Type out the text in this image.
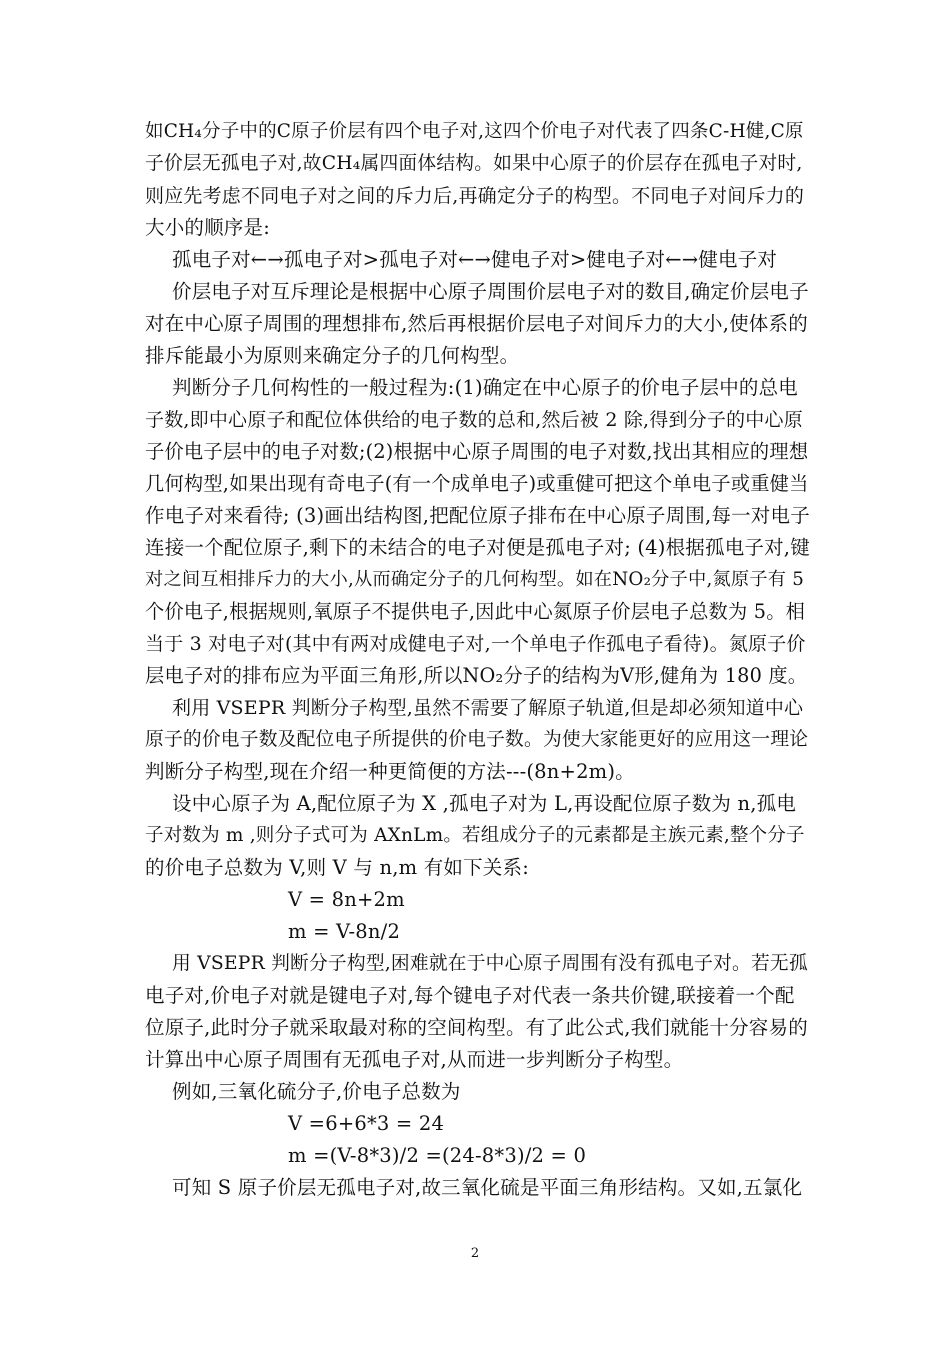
如CH₄分子中的C原子价层有四个电子对,这四个价电子对代表了四条C-H健,C原
子价层无孤电子对,故CH₄属四面体结构。如果中心原子的价层存在孤电子对时,
则应先考虑不同电子对之间的斥力后,再确定分子的构型。不同电子对间斥力的
大小的顺序是:
孤电子对←→孤电子对>孤电子对←→健电子对>健电子对←→健电子对
价层电子对互斥理论是根据中心原子周围价层电子对的数目,确定价层电子
对在中心原子周围的理想排布,然后再根据价层电子对间斥力的大小,使体系的
排斥能最小为原则来确定分子的几何构型。
判断分子几何构性的一般过程为:(1)确定在中心原子的价电子层中的总电
子数,即中心原子和配位体供给的电子数的总和,然后被 2 除,得到分子的中心原
子价电子层中的电子对数;(2)根据中心原子周围的电子对数,找出其相应的理想
几何构型,如果出现有奇电子(有一个成单电子)或重健可把这个单电子或重健当
作电子对来看待; (3)画出结构图,把配位原子排布在中心原子周围,每一对电子
连接一个配位原子,剩下的未结合的电子对便是孤电子对; (4)根据孤电子对,键
对之间互相排斥力的大小,从而确定分子的几何构型。如在NO₂分子中,氮原子有 5
个价电子,根据规则,氧原子不提供电子,因此中心氮原子价层电子总数为 5。相
当于 3 对电子对(其中有两对成健电子对,一个单电子作孤电子看待)。氮原子价
层电子对的排布应为平面三角形,所以NO₂分子的结构为V形,健角为 180 度。
利用 VSEPR 判断分子构型,虽然不需要了解原子轨道,但是却必须知道中心
原子的价电子数及配位电子所提供的价电子数。为使大家能更好的应用这一理论
判断分子构型,现在介绍一种更简便的方法---(8n+2m)。
设中心原子为 A,配位原子为 X ,孤电子对为 L,再设配位原子数为 n,孤电
子对数为 m ,则分子式可为 AXnLm。若组成分子的元素都是主族元素,整个分子
的价电子总数为 V,则 V 与 n,m 有如下关系:
V = 8n+2m
m = V-8n/2
用 VSEPR 判断分子构型,困难就在于中心原子周围有没有孤电子对。若无孤
电子对,价电子对就是键电子对,每个键电子对代表一条共价键,联接着一个配
位原子,此时分子就采取最对称的空间构型。有了此公式,我们就能十分容易的
计算出中心原子周围有无孤电子对,从而进一步判断分子构型。
例如,三氧化硫分子,价电子总数为
V =6+6*3 = 24
m =(V-8*3)/2 =(24-8*3)/2 = 0
可知 S 原子价层无孤电子对,故三氧化硫是平面三角形结构。又如,五氯化
2
